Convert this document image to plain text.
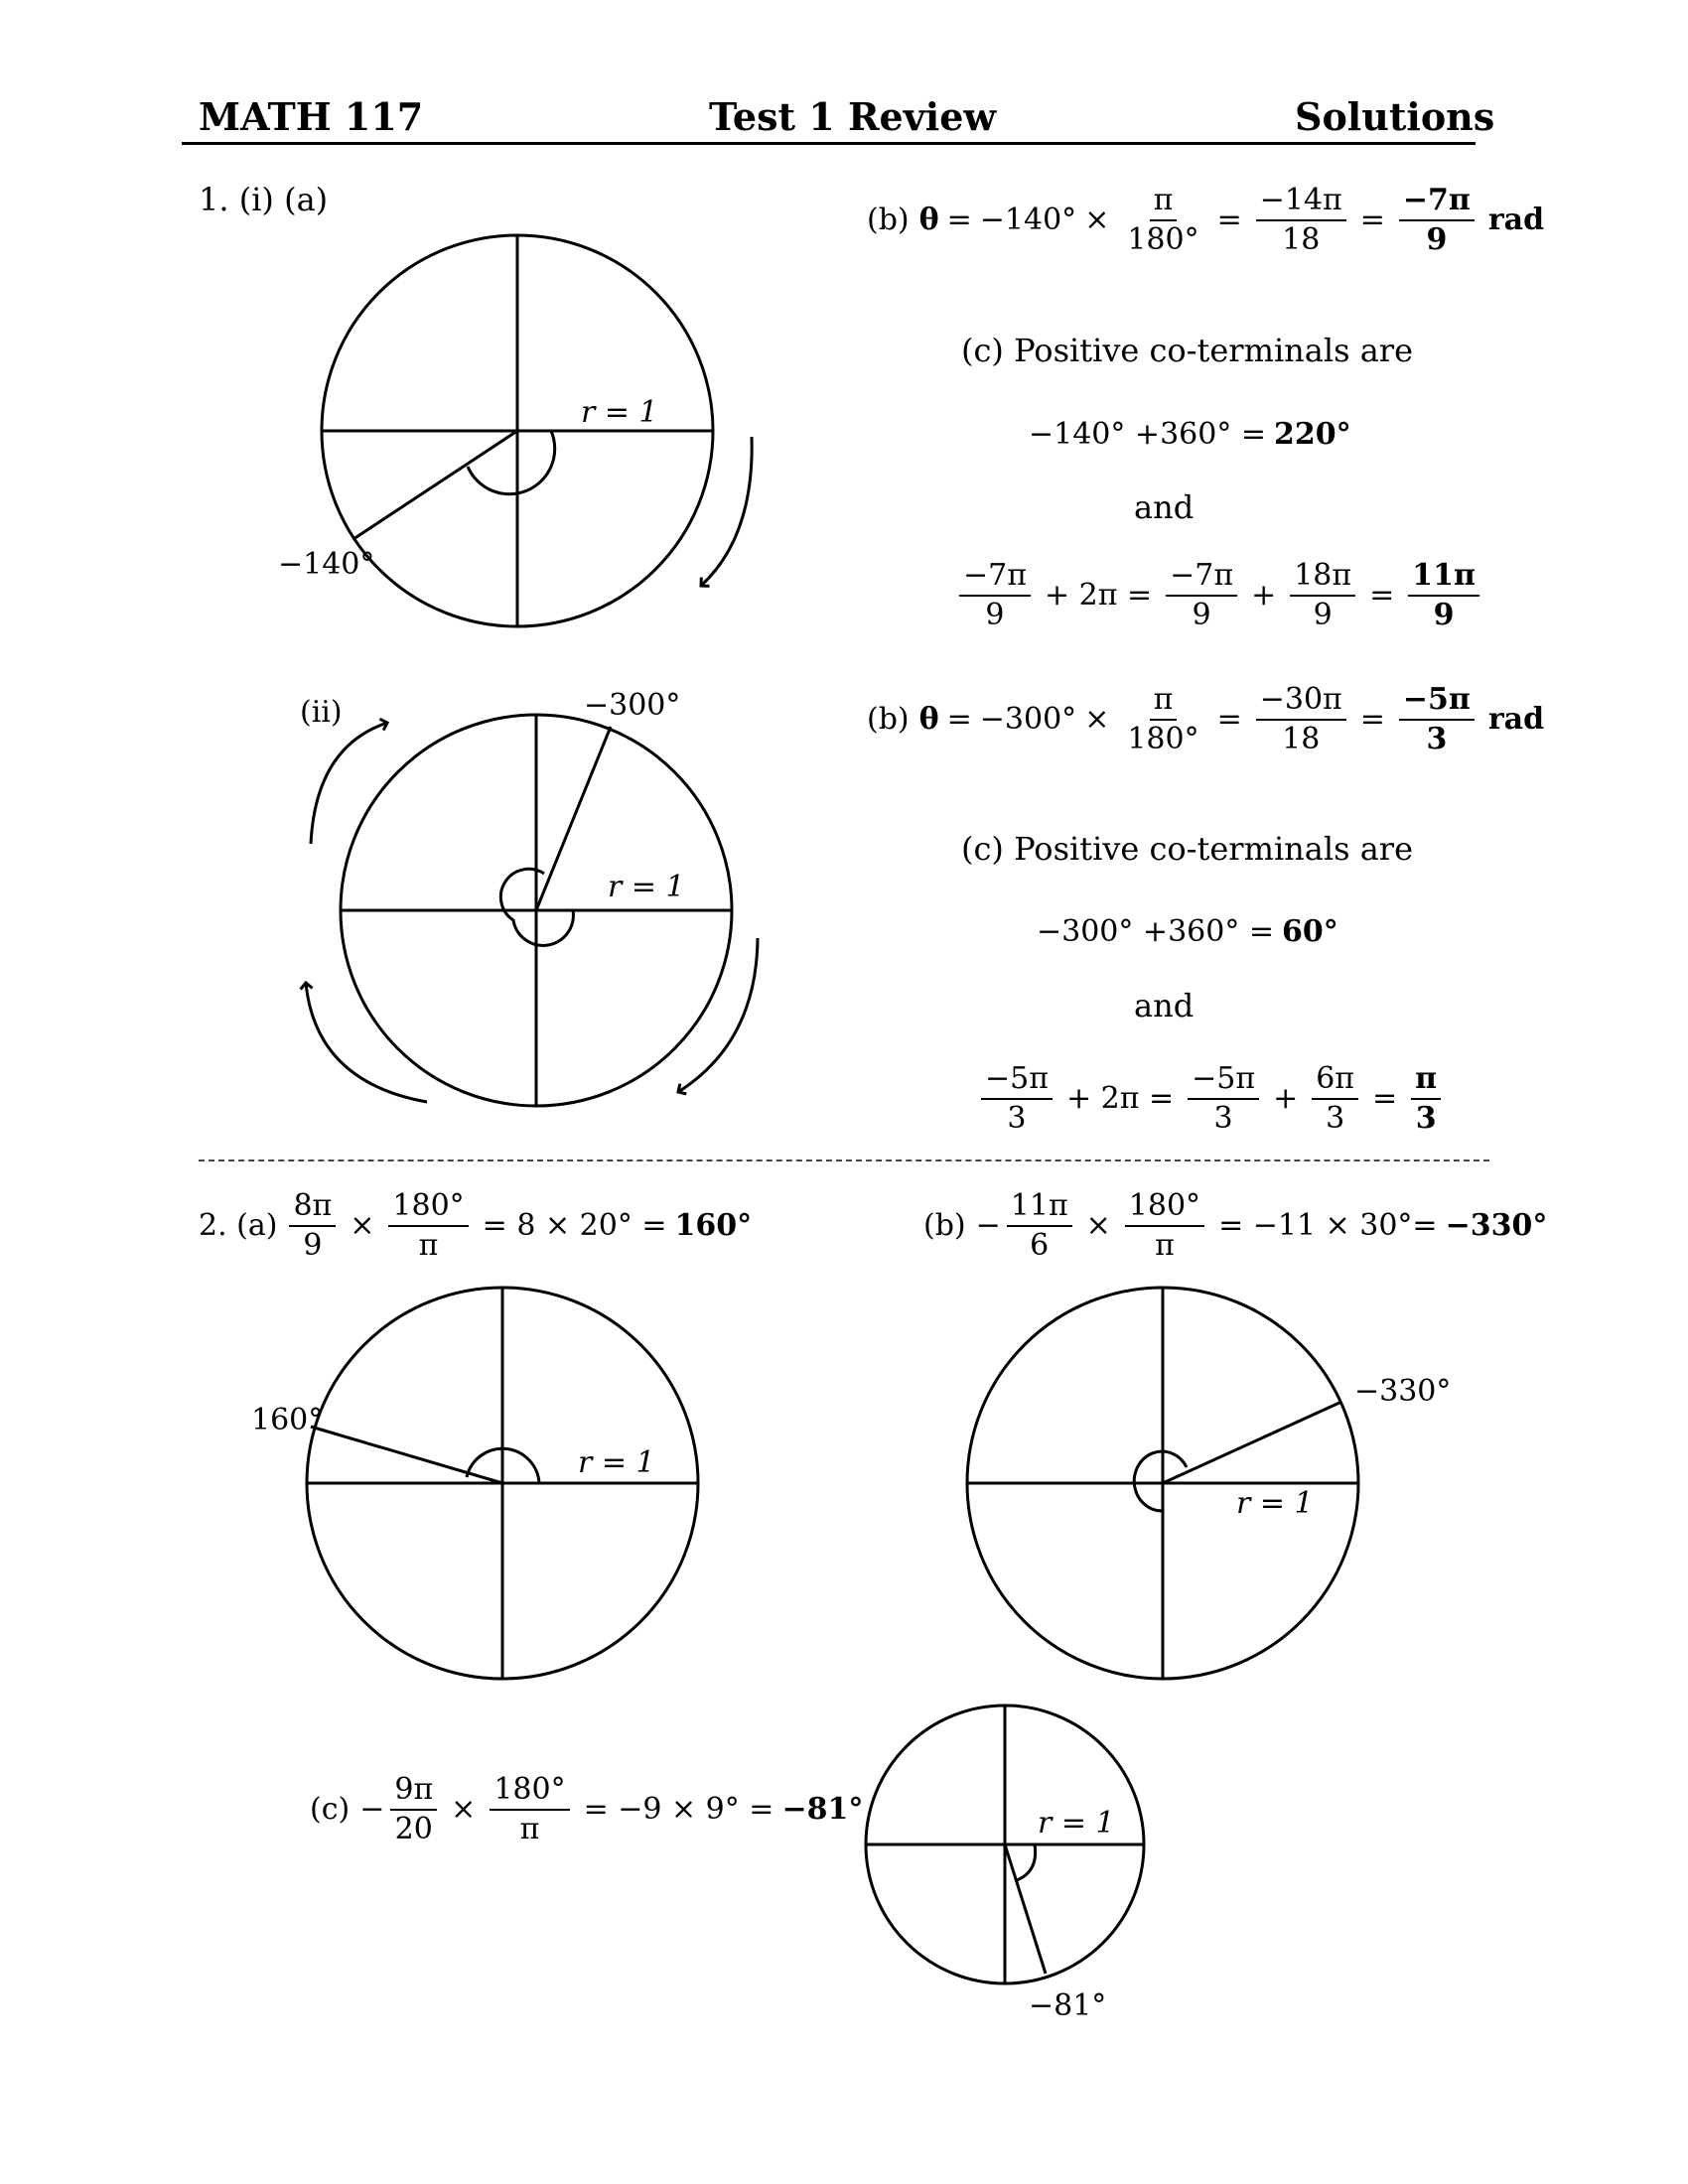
MATH 117	Test 1 Review	Solutions
r = 1
−140°
(ii)	−300°
r = 1
160°
r = 1
−330°
r = 1
r = 1
−81°
1. (i) (a)
(b) $\theta = -140^\circ \times \frac{\pi}{180^\circ} = \frac{-14\pi}{18} = \frac{-7\pi}{9}$ rad
(c) Positive co-terminals are
−140° +360° = 220°
and
$\frac{-7\pi}{9} + 2\pi = \frac{-7\pi}{9} + \frac{18\pi}{9} = \frac{11\pi}{9}$
(b) $\theta = -300^\circ \times \frac{\pi}{180^\circ} = \frac{-30\pi}{18} = \frac{-5\pi}{3}$ rad
(c) Positive co-terminals are
−300° +360° = 60°
and
$\frac{-5\pi}{3} + 2\pi = \frac{-5\pi}{3} + \frac{6\pi}{3} = \frac{\pi}{3}$
2. $(a) \frac{8\pi}{9} \times \frac{180^\circ}{\pi} = 8 \times 20^\circ = 160^\circ$	$(b) - \frac{11\pi}{6} \times \frac{180^\circ}{\pi} = -11 \times 30^\circ= -330^\circ$
$(c) - \frac{9\pi}{20} \times \frac{180^\circ}{\pi} = -9 \times 9^\circ = -81^\circ$
